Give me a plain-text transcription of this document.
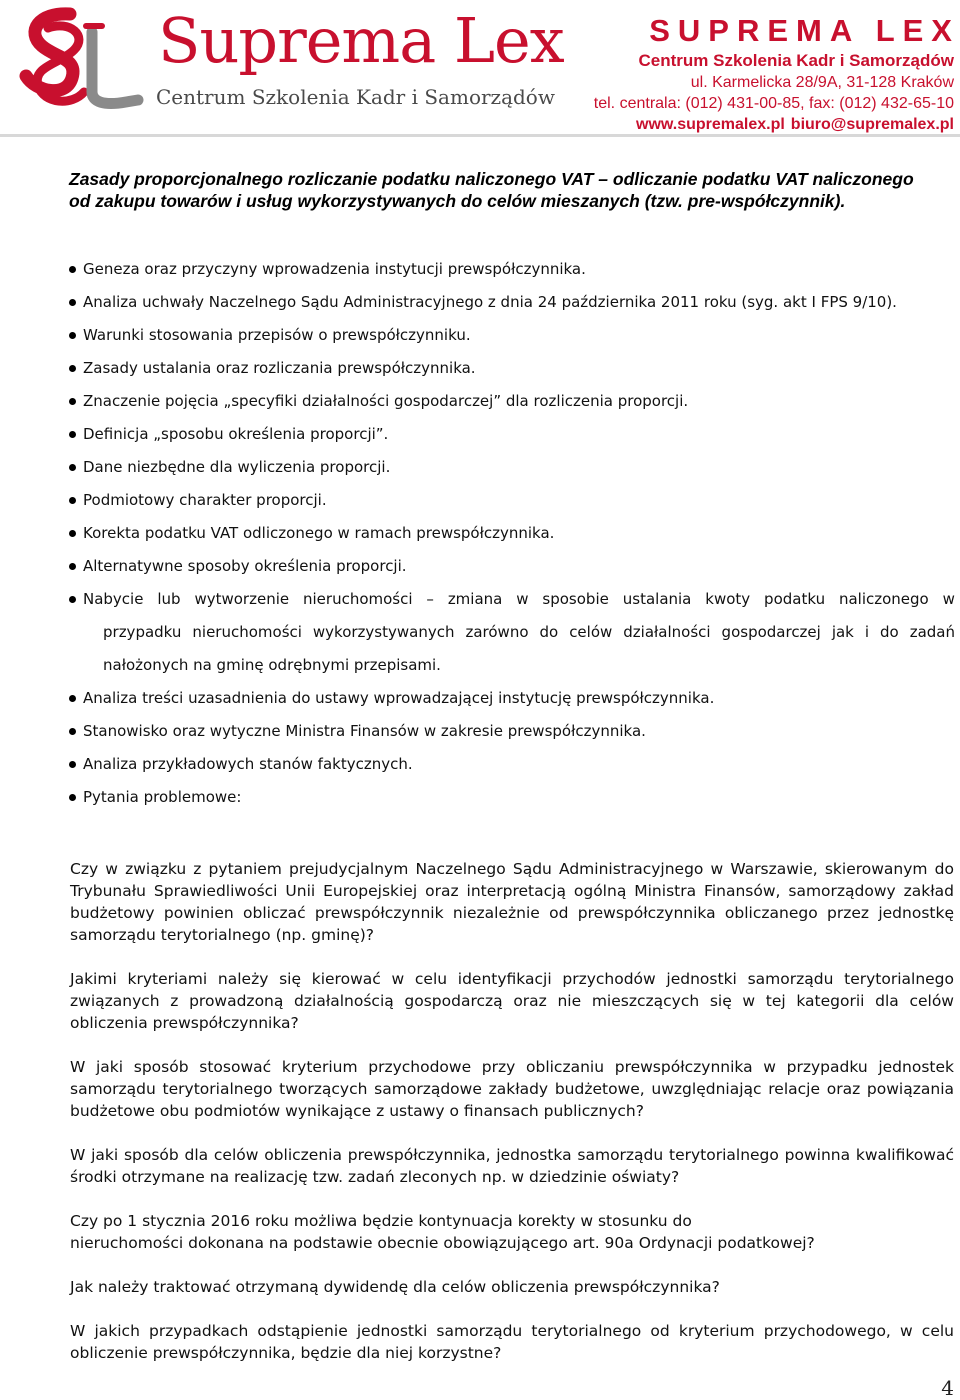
Suprema Lex
Centrum Szkolenia Kadr i Samorządów
SUPREMA LEX
Centrum Szkolenia Kadr i Samorządów
ul. Karmelicka 28/9A, 31-128 Kraków
tel. centrala: (012) 431-00-85, fax: (012) 432-65-10
www.supremalex.pl biuro@supremalex.pl
Zasady proporcjonalnego rozliczanie podatku naliczonego VAT – odliczanie podatku VAT naliczonego od zakupu towarów i usług wykorzystywanych do celów mieszanych (tzw. pre-współczynnik).
Geneza oraz przyczyny wprowadzenia instytucji prewspółczynnika.
Analiza uchwały Naczelnego Sądu Administracyjnego z dnia 24 października 2011 roku (syg. akt I FPS 9/10).
Warunki stosowania przepisów o prewspółczynniku.
Zasady ustalania oraz rozliczania prewspółczynnika.
Znaczenie pojęcia „specyfiki działalności gospodarczej” dla rozliczenia proporcji.
Definicja „sposobu określenia proporcji”.
Dane niezbędne dla wyliczenia proporcji.
Podmiotowy charakter proporcji.
Korekta podatku VAT odliczonego w ramach prewspółczynnika.
Alternatywne sposoby określenia proporcji.
Nabycie lub wytworzenie nieruchomości – zmiana w sposobie ustalania kwoty podatku naliczonego w
przypadku nieruchomości wykorzystywanych zarówno do celów działalności gospodarczej jak i do zadań nałożonych na gminę odrębnymi przepisami.
Analiza treści uzasadnienia do ustawy wprowadzającej instytucję prewspółczynnika.
Stanowisko oraz wytyczne Ministra Finansów w zakresie prewspółczynnika.
Analiza przykładowych stanów faktycznych.
Pytania problemowe:

Czy w związku z pytaniem prejudycjalnym Naczelnego Sądu Administracyjnego w Warszawie, skierowanym do Trybunału Sprawiedliwości Unii Europejskiej oraz interpretacją ogólną Ministra Finansów, samorządowy zakład budżetowy powinien obliczać prewspółczynnik niezależnie od prewspółczynnika obliczanego przez jednostkę samorządu terytorialnego (np. gminę)?

Jakimi kryteriami należy się kierować w celu identyfikacji przychodów jednostki samorządu terytorialnego związanych z prowadzoną działalnością gospodarczą oraz nie mieszczących się w tej kategorii dla celów obliczenia prewspółczynnika?

W jaki sposób stosować kryterium przychodowe przy obliczaniu prewspółczynnika w przypadku jednostek samorządu terytorialnego tworzących samorządowe zakłady budżetowe, uwzględniając relacje oraz powiązania budżetowe obu podmiotów wynikające z ustawy o finansach publicznych?

W jaki sposób dla celów obliczenia prewspółczynnika, jednostka samorządu terytorialnego powinna kwalifikować środki otrzymane na realizację tzw. zadań zleconych np. w dziedzinie oświaty?

Czy po 1 stycznia 2016 roku możliwa będzie kontynuacja korekty w stosunku do
nieruchomości dokonana na podstawie obecnie obowiązującego art. 90a Ordynacji podatkowej?

Jak należy traktować otrzymaną dywidendę dla celów obliczenia prewspółczynnika?

W jakich przypadkach odstąpienie jednostki samorządu terytorialnego od kryterium przychodowego, w celu obliczenie prewspółczynnika, będzie dla niej korzystne?

4
